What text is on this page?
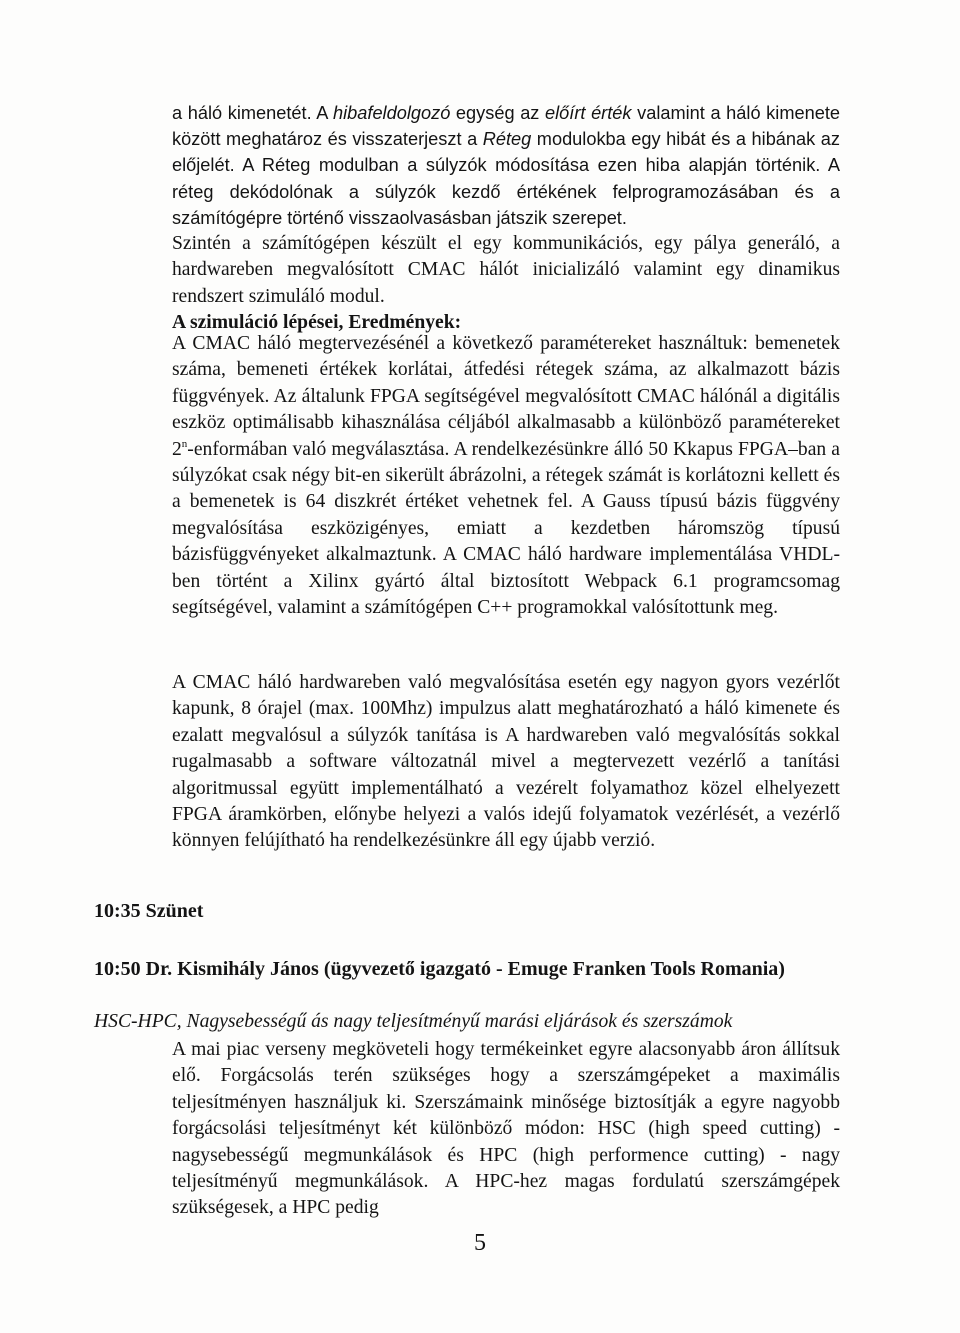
a háló kimenetét. A hibafeldolgozó egység az előírt érték valamint a háló kimenete között meghatároz és visszaterjeszt a Réteg modulokba egy hibát és a hibának az előjelét. A Réteg modulban a súlyzók módosítása ezen hiba alapján történik. A réteg dekódolónak a súlyzók kezdő értékének felprogramozásában és a számítógépre történő visszaolvasásban játszik szerepet.

Szintén a számítógépen készült el egy kommunikációs, egy pálya generáló, a hardwareben megvalósított CMAC hálót inicializáló valamint egy dinamikus rendszert szimuláló modul.

A szimuláció lépései, Eredmények:

A CMAC háló megtervezésénél a következő paramétereket használtuk: bemenetek száma, bemeneti értékek korlátai, átfedési rétegek száma, az alkalmazott bázis függvények. Az általunk FPGA segítségével megvalósított CMAC hálónál a digitális eszköz optimálisabb kihasználása céljából alkalmasabb a különböző paramétereket 2$^n$-enformában való megválasztása. A rendelkezésünkre álló 50 Kkapus FPGA–ban a súlyzókat csak négy bit-en sikerült ábrázolni, a rétegek számát is korlátozni kellett és a bemenetek is 64 diszkrét értéket vehetnek fel. A Gauss típusú bázis függvény megvalósítása eszközigényes, emiatt a kezdetben háromszög típusú bázisfüggvényeket alkalmaztunk. A CMAC háló hardware implementálása VHDL-ben történt a Xilinx gyártó által biztosított Webpack 6.1 programcsomag segítségével, valamint a számítógépen C++ programokkal valósítottunk meg.

A CMAC háló hardwareben való megvalósítása esetén egy nagyon gyors vezérlőt kapunk, 8 órajel (max. 100Mhz) impulzus alatt meghatározható a háló kimenete és ezalatt megvalósul a súlyzók tanítása is A hardwareben való megvalósítás sokkal rugalmasabb a software változatnál mivel a megtervezett vezérlő a tanítási algoritmussal együtt implementálható a vezérelt folyamathoz közel elhelyezett FPGA áramkörben, előnybe helyezi a valós idejű folyamatok vezérlését, a vezérlő könnyen felújítható ha rendelkezésünkre áll egy újabb verzió.

10:35 Szünet

10:50 Dr. Kismihály János (ügyvezető igazgató - Emuge Franken Tools Romania)

HSC-HPC, Nagysebességű ás nagy teljesítményű marási eljárások és szerszámok

A mai piac verseny megköveteli hogy termékeinket egyre alacsonyabb áron állítsuk elő. Forgácsolás terén szükséges hogy a szerszámgépeket a maximális teljesítményen használjuk ki. Szerszámaink minősége biztosítják a egyre nagyobb forgácsolási teljesítményt két különböző módon: HSC (high speed cutting) - nagysebességű megmunkálások és HPC (high performence cutting) - nagy teljesítményű megmunkálások. A HPC-hez magas fordulatú szerszámgépek szükségesek, a HPC pedig

5
